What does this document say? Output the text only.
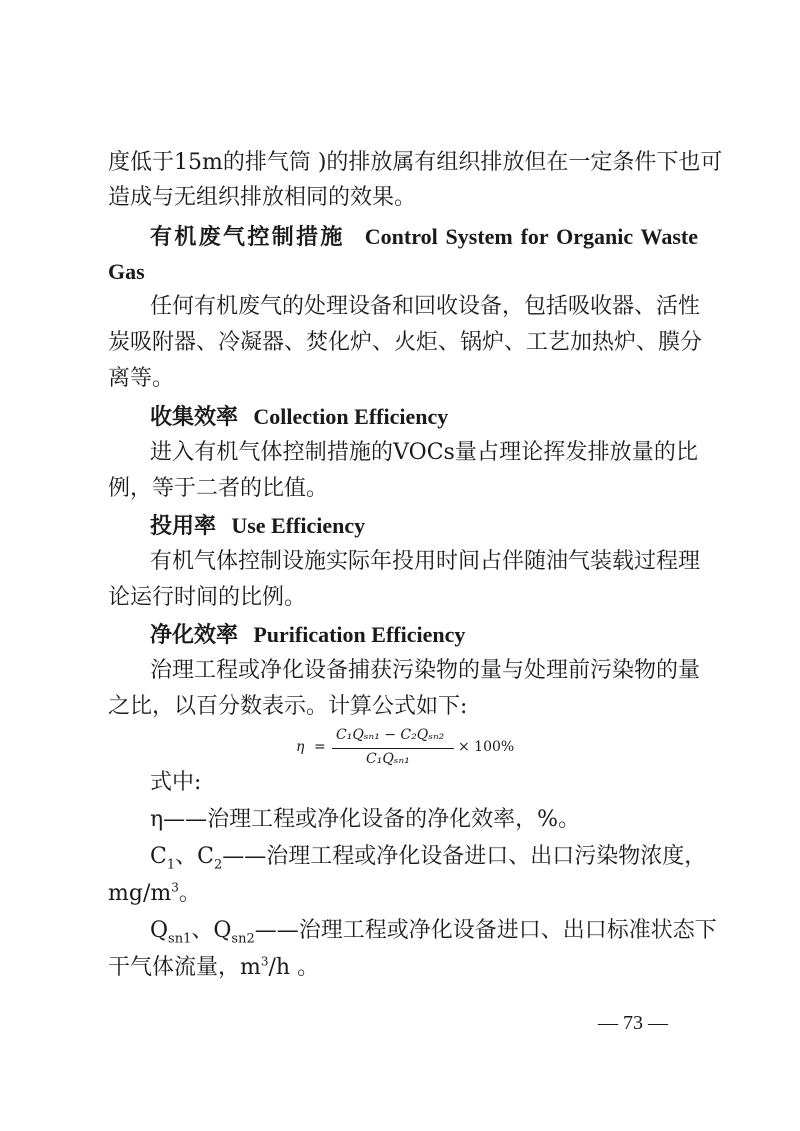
度低于15m的排气筒 )的排放属有组织排放但在一定条件下也可
造成与无组织排放相同的效果。
有机废气控制措施 Control System for Organic Waste
Gas
任何有机废气的处理设备和回收设备，包括吸收器、活性
炭吸附器、冷凝器、焚化炉、火炬、锅炉、工艺加热炉、膜分
离等。
收集效率 Collection Efficiency
进入有机气体控制措施的VOCs量占理论挥发排放量的比
例，等于二者的比值。
投用率 Use Efficiency
有机气体控制设施实际年投用时间占伴随油气装载过程理
论运行时间的比例。
净化效率 Purification Efficiency
治理工程或净化设备捕获污染物的量与处理前污染物的量
之比，以百分数表示。计算公式如下:
η =
C₁Qₛₙ₁ − C₂Qₛₙ₂
C₁Qₛₙ₁
× 100%
式中:
η——治理工程或净化设备的净化效率，%。
$C_1$、$C_2——$治理工程或净化设备进口、出口污染物浓度，
$mg/m^3$。
$Q_{sn1}$、$Q_{sn2}——$治理工程或净化设备进口、出口标准状态下
干气体流量，$m^3/h$ 。
— 73 —
